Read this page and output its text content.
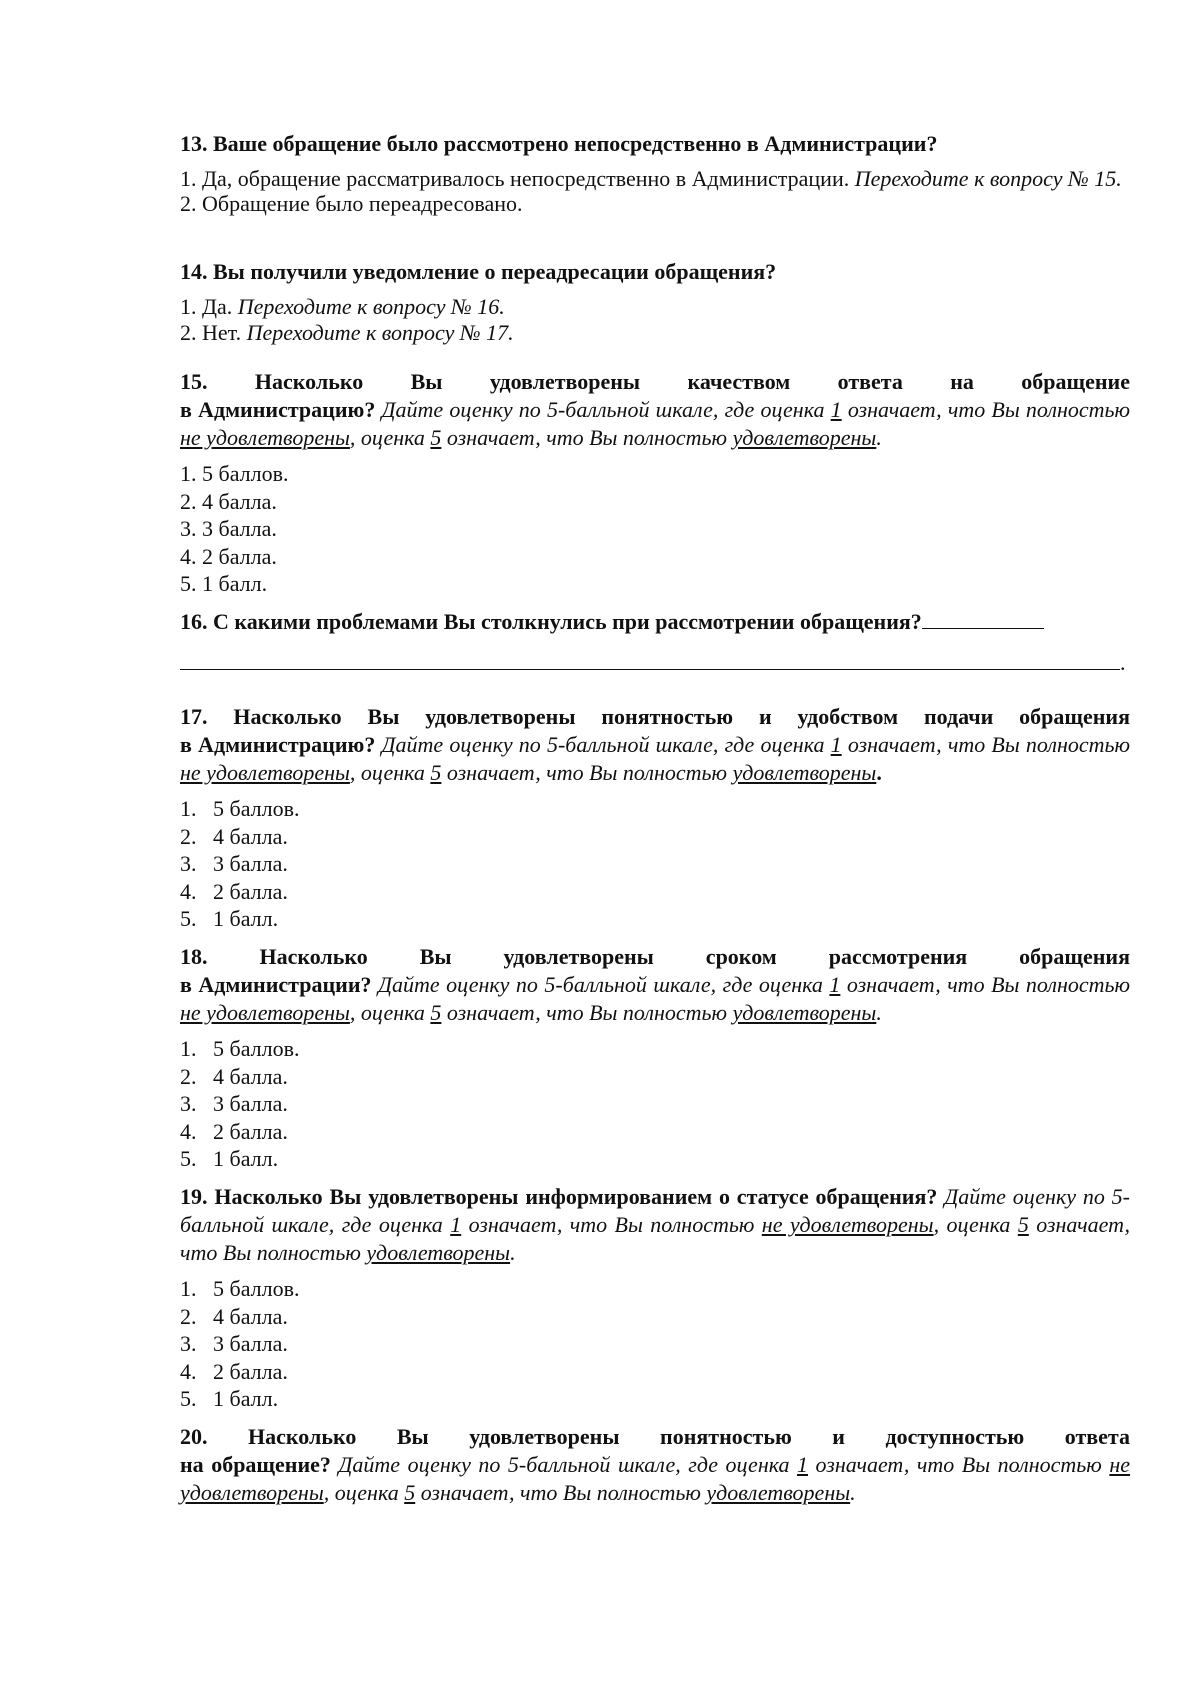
13. Ваше обращение было рассмотрено непосредственно в Администрации?
1. Да, обращение рассматривалось непосредственно в Администрации. Переходите к вопросу № 15.
2. Обращение было переадресовано.
14. Вы получили уведомление о переадресации обращения?
1. Да. Переходите к вопросу № 16.
2. Нет. Переходите к вопросу № 17.
15. Насколько Вы удовлетворены качеством ответа на обращение
в Администрацию? Дайте оценку по 5-балльной шкале, где оценка 1 означает, что Вы полностью не удовлетворены, оценка 5 означает, что Вы полностью удовлетворены.
1. 5 баллов.
2. 4 балла.
3. 3 балла.
4. 2 балла.
5. 1 балл.
16. С какими проблемами Вы столкнулись при рассмотрении обращения?
.
17. Насколько Вы удовлетворены понятностью и удобством подачи обращения
в Администрацию? Дайте оценку по 5-балльной шкале, где оценка 1 означает, что Вы полностью не удовлетворены, оценка 5 означает, что Вы полностью удовлетворены.
1. 5 баллов.
2. 4 балла.
3. 3 балла.
4. 2 балла.
5. 1 балл.
18. Насколько Вы удовлетворены сроком рассмотрения обращения
в Администрации? Дайте оценку по 5-балльной шкале, где оценка 1 означает, что Вы полностью не удовлетворены, оценка 5 означает, что Вы полностью удовлетворены.
1. 5 баллов.
2. 4 балла.
3. 3 балла.
4. 2 балла.
5. 1 балл.
19. Насколько Вы удовлетворены информированием о статусе обращения? Дайте оценку по 5-балльной шкале, где оценка 1 означает, что Вы полностью не удовлетворены, оценка 5 означает, что Вы полностью удовлетворены.
1. 5 баллов.
2. 4 балла.
3. 3 балла.
4. 2 балла.
5. 1 балл.
20. Насколько Вы удовлетворены понятностью и доступностью ответа
на обращение? Дайте оценку по 5-балльной шкале, где оценка 1 означает, что Вы полностью не удовлетворены, оценка 5 означает, что Вы полностью удовлетворены.
